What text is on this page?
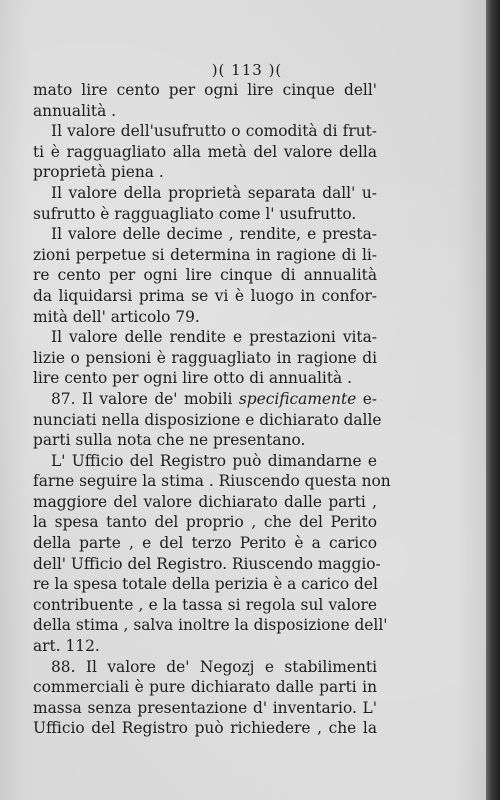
)( 113 )(
mato lire cento per ogni lire cinque dell'
annualità .
Il valore dell'usufrutto o comodità di frut-
ti è ragguagliato alla metà del valore della
proprietà piena .
Il valore della proprietà separata dall' u-
sufrutto è ragguagliato come l' usufrutto.
Il valore delle decime , rendite, e presta-
zioni perpetue si determina in ragione di li-
re cento per ogni lire cinque di annualità
da liquidarsi prima se vi è luogo in confor-
mità dell' articolo 79.
Il valore delle rendite e prestazioni vita-
lizie o pensioni è ragguagliato in ragione di
lire cento per ogni lire otto di annualità .
87. Il valore de' mobili specificamente e-
nunciati nella disposizione e dichiarato dalle
parti sulla nota che ne presentano.
L' Ufficio del Registro può dimandarne e
farne seguire la stima . Riuscendo questa non
maggiore del valore dichiarato dalle parti ,
la spesa tanto del proprio , che del Perito
della parte , e del terzo Perito è a carico
dell' Ufficio del Registro. Riuscendo maggio-
re la spesa totale della perizia è a carico del
contribuente , e la tassa si regola sul valore
della stima , salva inoltre la disposizione dell'
art. 112.
88. Il valore de' Negozj e stabilimenti
commerciali è pure dichiarato dalle parti in
massa senza presentazione d' inventario. L'
Ufficio del Registro può richiedere , che la
